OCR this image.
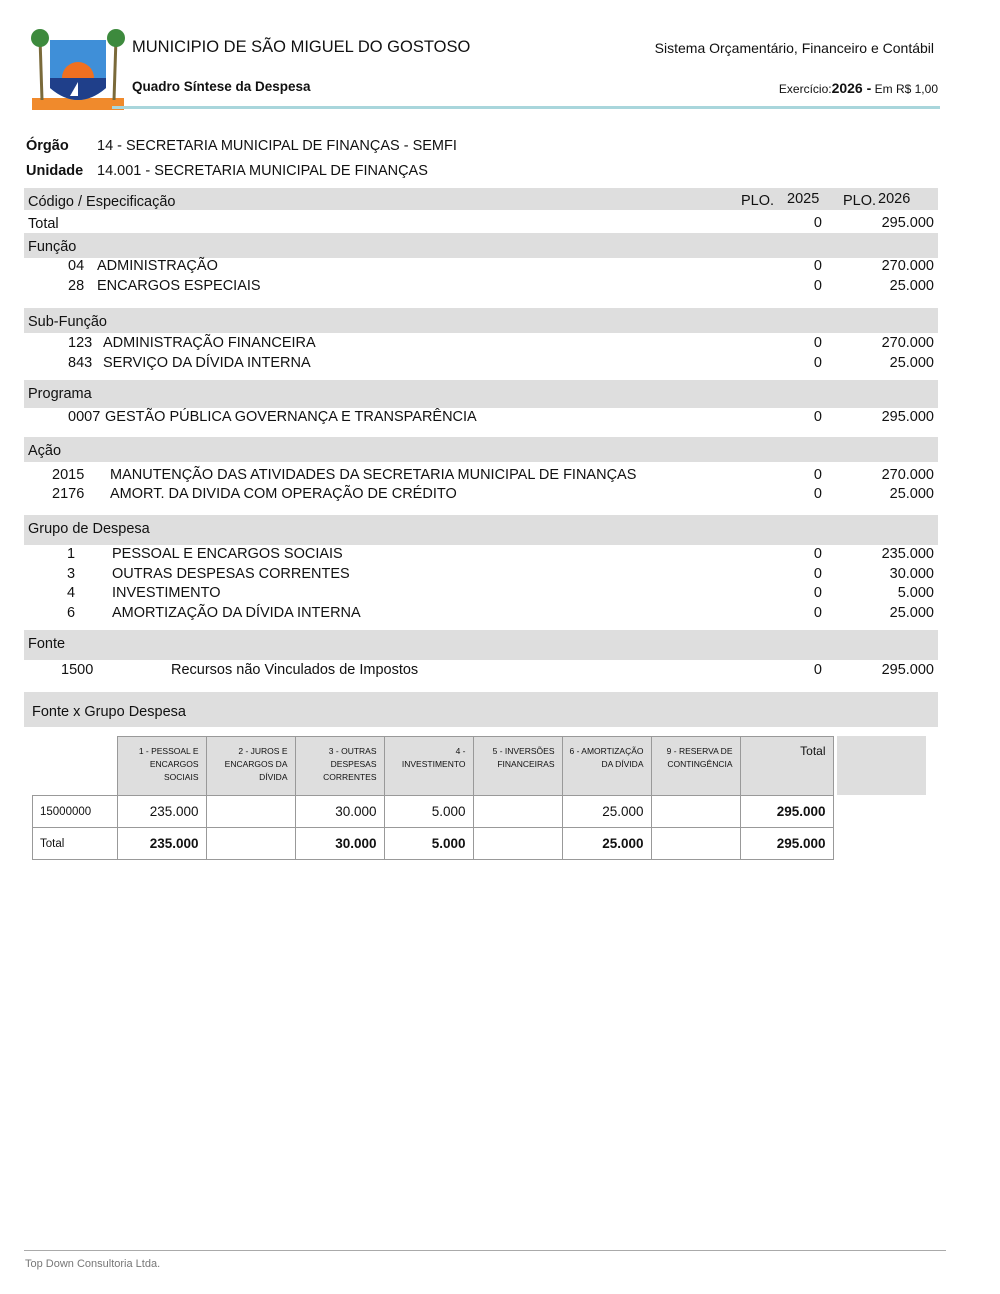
MUNICIPIO DE SÃO MIGUEL DO GOSTOSO	Sistema Orçamentário, Financeiro e Contábil
Quadro Síntese da Despesa	Exercício:2026 - Em R$ 1,00
Órgão 14 - SECRETARIA MUNICIPAL DE FINANÇAS - SEMFI
Unidade 14.001 - SECRETARIA MUNICIPAL DE FINANÇAS
Código / Especificação	PLO. 2025 PLO. 2026
Total	0	295.000
Função
04 ADMINISTRAÇÃO	0	270.000
28 ENCARGOS ESPECIAIS	0	25.000
Sub-Função
123 ADMINISTRAÇÃO FINANCEIRA	0	270.000
843 SERVIÇO DA DÍVIDA INTERNA	0	25.000
Programa
0007 GESTÃO PÚBLICA GOVERNANÇA E TRANSPARÊNCIA	0	295.000
Ação
2015 MANUTENÇÃO DAS ATIVIDADES DA SECRETARIA MUNICIPAL DE FINANÇAS	0	270.000
2176 AMORT. DA DIVIDA COM OPERAÇÃO DE CRÉDITO	0	25.000
Grupo de Despesa
1	PESSOAL E ENCARGOS SOCIAIS	0	235.000
3	OUTRAS DESPESAS CORRENTES	0	30.000
4	INVESTIMENTO	0	5.000
6	AMORTIZAÇÃO DA DÍVIDA INTERNA	0	25.000
Fonte
1500	Recursos não Vinculados de Impostos	0	295.000
Fonte x Grupo Despesa
	1 - PESSOAL E ENCARGOS SOCIAIS	2 - JUROS E ENCARGOS DA DÍVIDA	3 - OUTRAS DESPESAS CORRENTES	4 - INVESTIMENTO	5 - INVERSÕES FINANCEIRAS	6 - AMORTIZAÇÃO DA DÍVIDA	9 - RESERVA DE CONTINGÊNCIA	Total
15000000	235.000		30.000	5.000		25.000		295.000
Total	235.000		30.000	5.000		25.000		295.000
Top Down Consultoria Ltda.
